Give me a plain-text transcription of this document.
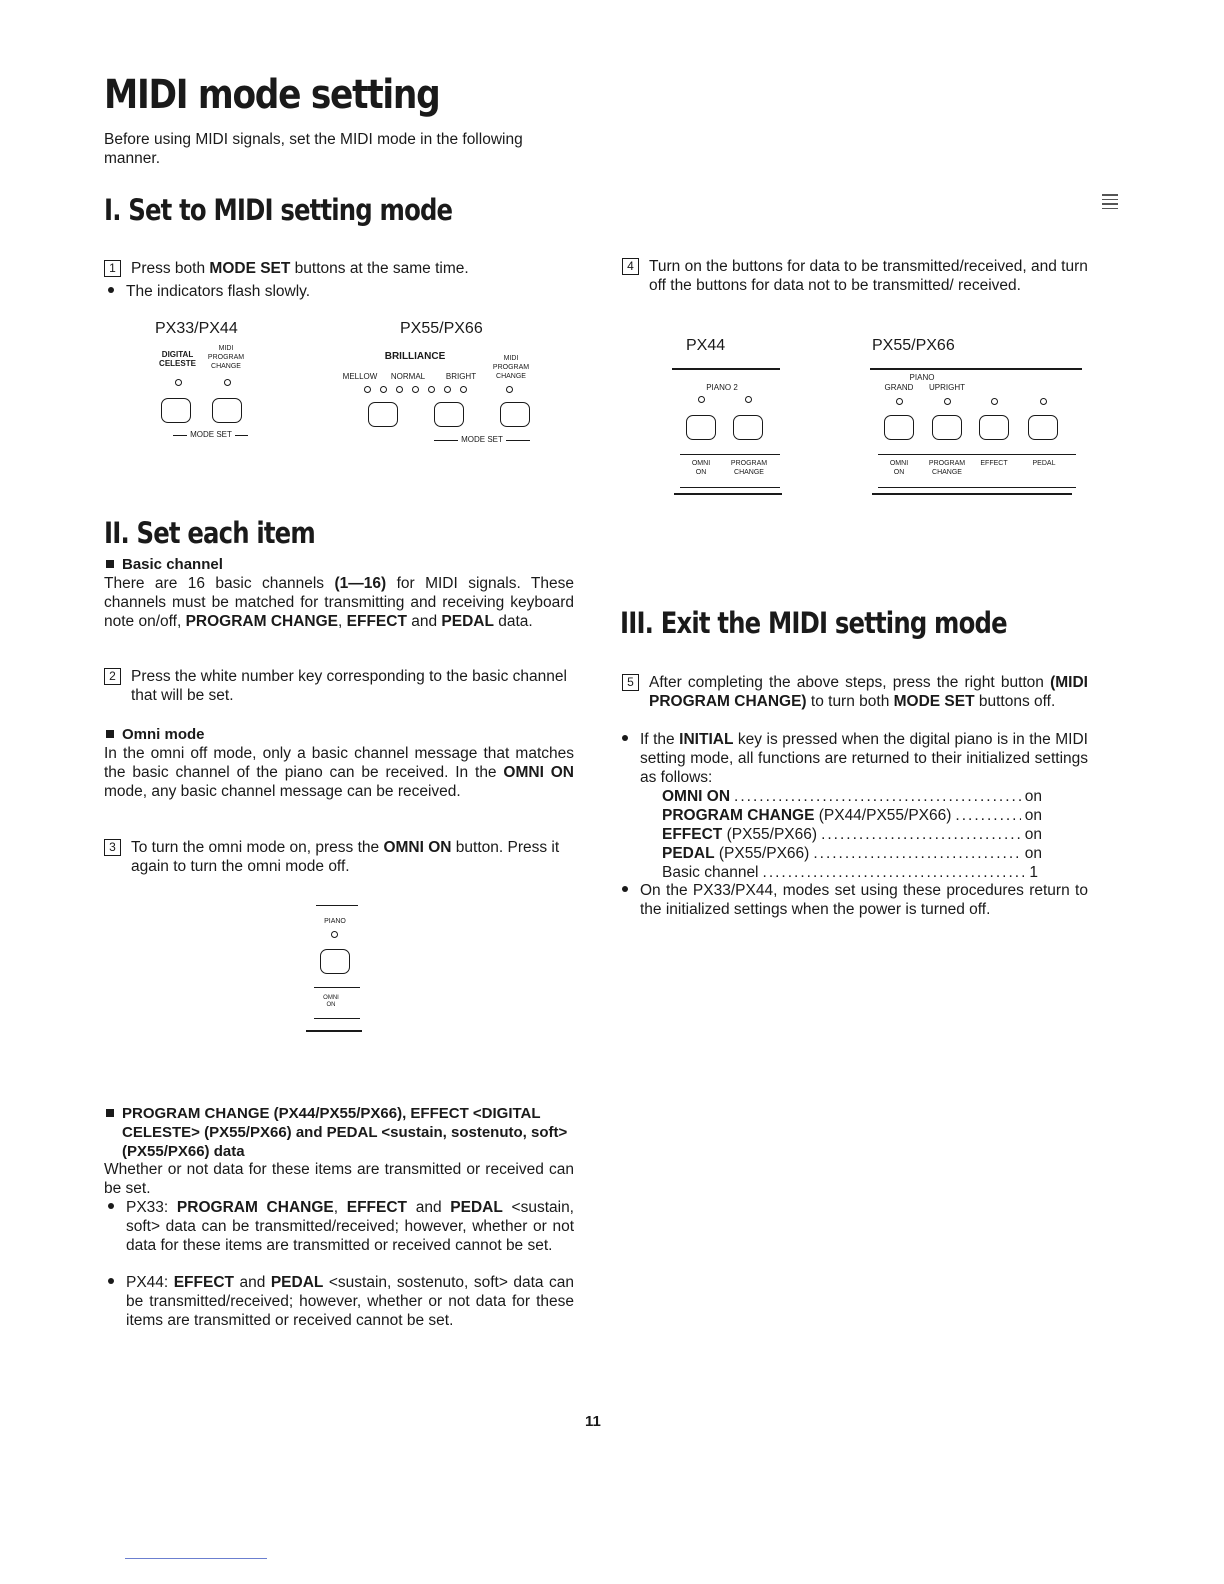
MIDI mode setting

Before using MIDI signals, set the MIDI mode in the following manner.

I. Set to MIDI setting mode
1 Press both MODE SET buttons at the same time.
The indicators flash slowly.
PX33/PX44
DIGITAL
CELESTE
MIDI
PROGRAM
CHANGE
MODE SET
PX55/PX66
BRILLIANCE
MELLOW	NORMAL	BRIGHT
MIDI
PROGRAM
CHANGE
MODE SET
4 Turn on the buttons for data to be transmitted/received, and turn off the buttons for data not to be transmitted/ received.
PX44
PIANO 2
OMNI
ON
PROGRAM
CHANGE
PX55/PX66
PIANO
GRAND	UPRIGHT
OMNI
ON
PROGRAM
CHANGE
EFFECT	PEDAL
II. Set each item
Basic channel

There are 16 basic channels (1—16) for MIDI signals. These channels must be matched for transmitting and receiving keyboard note on/off, PROGRAM CHANGE, EFFECT and PEDAL data.

2 Press the white number key corresponding to the basic channel that will be set.
Omni mode

In the omni off mode, only a basic channel message that matches the basic channel of the piano can be received. In the OMNI ON mode, any basic channel message can be received.

3 To turn the omni mode on, press the OMNI ON button. Press it again to turn the omni mode off.
PIANO
OMNI
ON
PROGRAM CHANGE (PX44/PX55/PX66), EFFECT <DIGITAL CELESTE> (PX55/PX66) and PEDAL <sustain, sostenuto, soft> (PX55/PX66) data

Whether or not data for these items are transmitted or received can be set.

PX33: PROGRAM CHANGE, EFFECT and PEDAL <sustain, soft> data can be transmitted/received; however, whether or not data for these items are transmitted or received cannot be set.
PX44: EFFECT and PEDAL <sustain, sostenuto, soft> data can be transmitted/received; however, whether or not data for these items are transmitted or received cannot be set.
III. Exit the MIDI setting mode
5 After completing the above steps, press the right button (MIDI PROGRAM CHANGE) to turn both MODE SET buttons off.
If the INITIAL key is pressed when the digital piano is in the MIDI setting mode, all functions are returned to their initialized settings as follows:
OMNI ON .....	on
PROGRAM CHANGE (PX44/PX55/PX66) .....	on
EFFECT (PX55/PX66) .....	on
PEDAL (PX55/PX66) .....	on
Basic channel .....	1
On the PX33/PX44, modes set using these procedures return to the initialized settings when the power is turned off.
11
